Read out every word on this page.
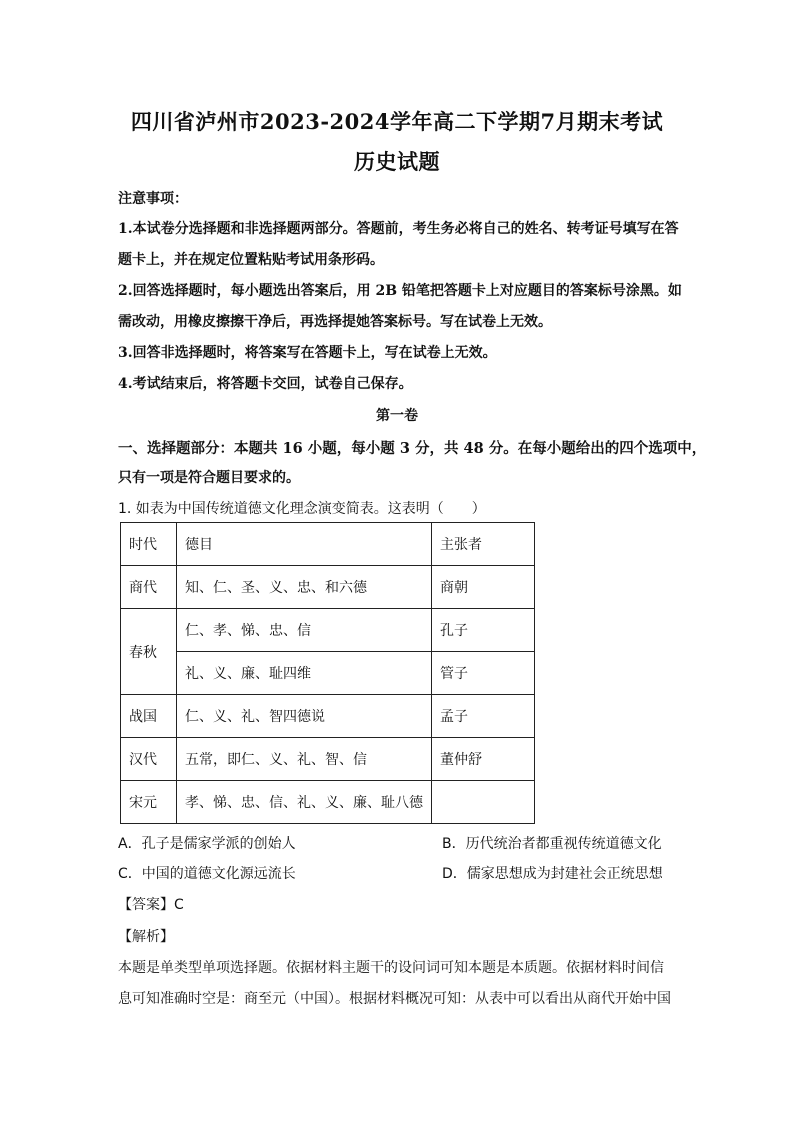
四川省泸州市2023-2024学年高二下学期7月期末考试
历史试题
注意事项：
1.本试卷分选择题和非选择题两部分。答题前，考生务必将自己的姓名、转考证号填写在答
题卡上，并在规定位置粘贴考试用条形码。
2.回答选择题时，每小题选出答案后，用 2B 铅笔把答题卡上对应题目的答案标号涂黑。如
需改动，用橡皮擦擦干净后，再选择提她答案标号。写在试卷上无效。
3.回答非选择题时，将答案写在答题卡上，写在试卷上无效。
4.考试结束后，将答题卡交回，试卷自己保存。
第一卷
一、选择题部分：本题共 16 小题，每小题 3 分，共 48 分。在每小题给出的四个选项中，
只有一项是符合题目要求的。
1. 如表为中国传统道德文化理念演变简表。这表明（　　）
时代	德目	主张者
商代	知、仁、圣、义、忠、和六德	商朝
春秋	仁、孝、悌、忠、信	孔子
	礼、义、廉、耻四维	管子
战国	仁、义、礼、智四德说	孟子
汉代	五常，即仁、义、礼、智、信	董仲舒
宋元	孝、悌、忠、信、礼、义、廉、耻八德	
A．孔子是儒家学派的创始人	B．历代统治者都重视传统道德文化
C．中国的道德文化源远流长	D．儒家思想成为封建社会正统思想
【答案】C
【解析】
本题是单类型单项选择题。依据材料主题干的设问词可知本题是本质题。依据材料时间信
息可知准确时空是：商至元（中国）。根据材料概况可知：从表中可以看出从商代开始中国
